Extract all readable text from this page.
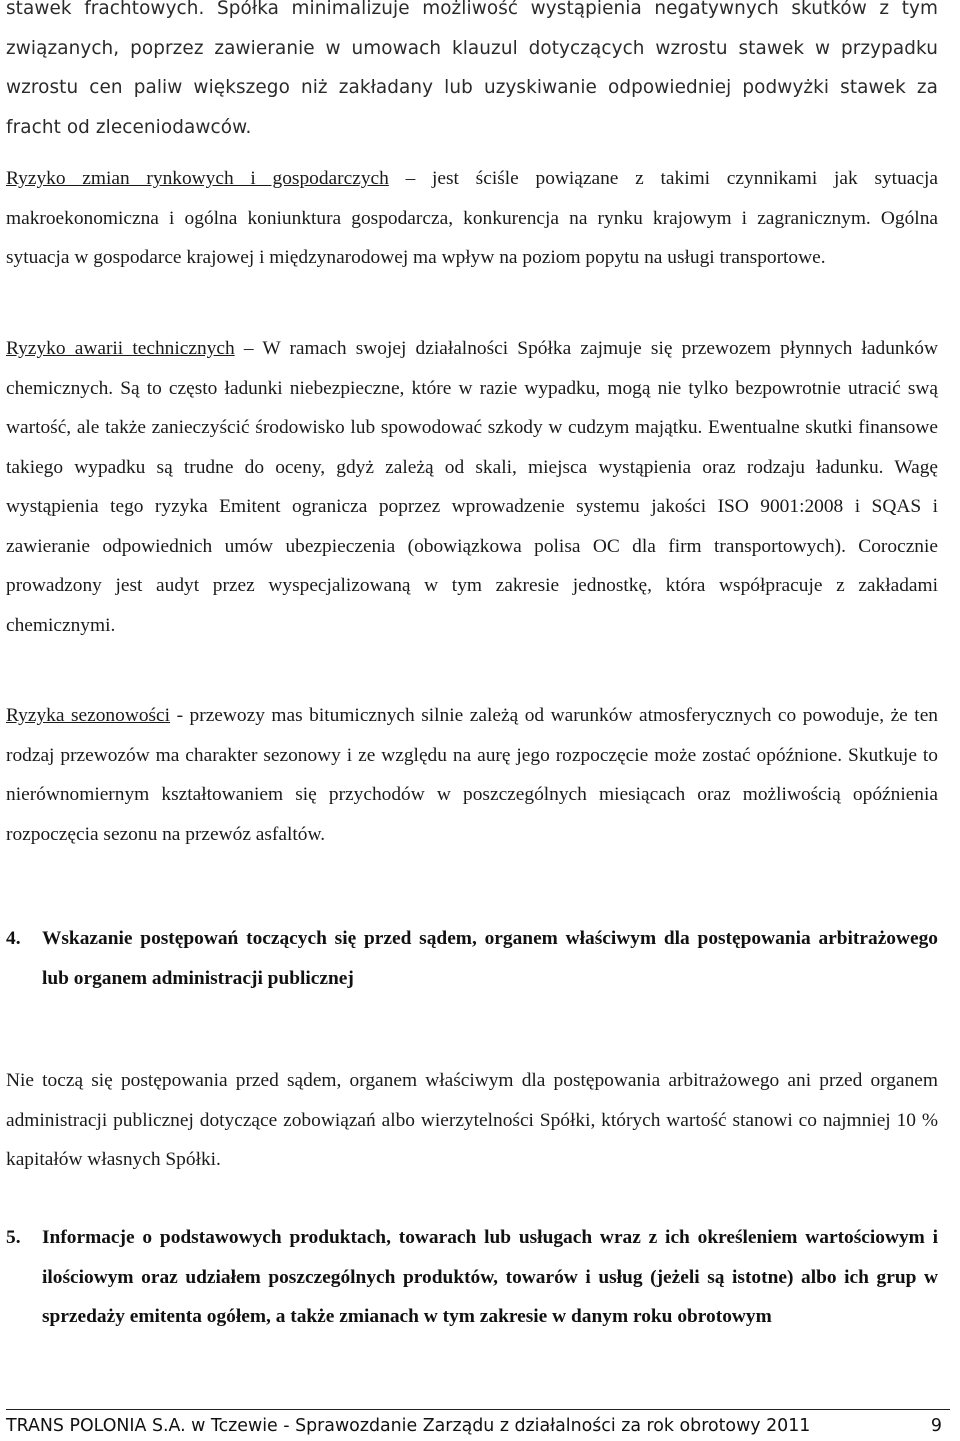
stawek frachtowych. Spółka minimalizuje możliwość wystąpienia negatywnych skutków z tym związanych, poprzez zawieranie w umowach klauzul dotyczących wzrostu stawek w przypadku wzrostu cen paliw większego niż zakładany lub uzyskiwanie odpowiedniej podwyżki stawek za fracht od zleceniodawców.

Ryzyko zmian rynkowych i gospodarczych – jest ściśle powiązane z takimi czynnikami jak sytuacja makroekonomiczna i ogólna koniunktura gospodarcza, konkurencja na rynku krajowym i zagranicznym. Ogólna sytuacja w gospodarce krajowej i międzynarodowej ma wpływ na poziom popytu na usługi transportowe.

Ryzyko awarii technicznych – W ramach swojej działalności Spółka zajmuje się przewozem płynnych ładunków chemicznych. Są to często ładunki niebezpieczne, które w razie wypadku, mogą nie tylko bezpowrotnie utracić swą wartość, ale także zanieczyścić środowisko lub spowodować szkody w cudzym majątku. Ewentualne skutki finansowe takiego wypadku są trudne do oceny, gdyż zależą od skali, miejsca wystąpienia oraz rodzaju ładunku. Wagę wystąpienia tego ryzyka Emitent ogranicza poprzez wprowadzenie systemu jakości ISO 9001:2008 i SQAS i zawieranie odpowiednich umów ubezpieczenia (obowiązkowa polisa OC dla firm transportowych). Corocznie prowadzony jest audyt przez wyspecjalizowaną w tym zakresie jednostkę, która współpracuje z zakładami chemicznymi.

Ryzyka sezonowości - przewozy mas bitumicznych silnie zależą od warunków atmosferycznych co powoduje, że ten rodzaj przewozów ma charakter sezonowy i ze względu na aurę jego rozpoczęcie może zostać opóźnione. Skutkuje to nierównomiernym kształtowaniem się przychodów w poszczególnych miesiącach oraz możliwością opóźnienia rozpoczęcia sezonu na przewóz asfaltów.

4. Wskazanie postępowań toczących się przed sądem, organem właściwym dla postępowania arbitrażowego lub organem administracji publicznej

Nie toczą się postępowania przed sądem, organem właściwym dla postępowania arbitrażowego ani przed organem administracji publicznej dotyczące zobowiązań albo wierzytelności Spółki, których wartość stanowi co najmniej 10 % kapitałów własnych Spółki.

5. Informacje o podstawowych produktach, towarach lub usługach wraz z ich określeniem wartościowym i ilościowym oraz udziałem poszczególnych produktów, towarów i usług (jeżeli są istotne) albo ich grup w sprzedaży emitenta ogółem, a także zmianach w tym zakresie w danym roku obrotowym
TRANS POLONIA S.A. w Tczewie - Sprawozdanie Zarządu z działalności za rok obrotowy 2011	9
